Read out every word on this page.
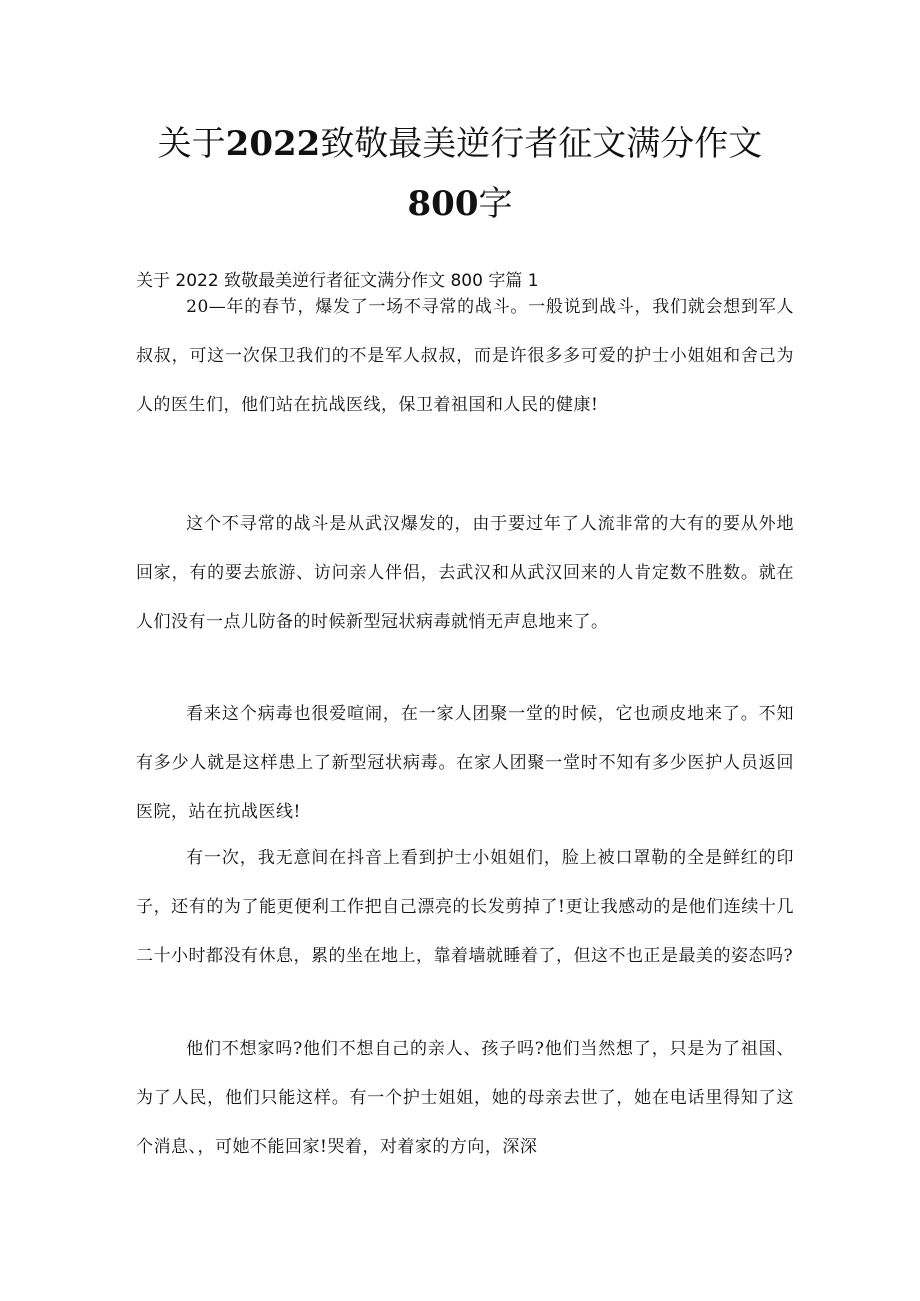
关于2022致敬最美逆行者征文满分作文
800字

关于 2022 致敬最美逆行者征文满分作文 800 字篇 1

20—年的春节，爆发了一场不寻常的战斗。一般说到战斗，我们就会想到军人叔叔，可这一次保卫我们的不是军人叔叔，而是许很多多可爱的护士小姐姐和舍己为人的医生们，他们站在抗战医线，保卫着祖国和人民的健康!

这个不寻常的战斗是从武汉爆发的，由于要过年了人流非常的大有的要从外地回家，有的要去旅游、访问亲人伴侣，去武汉和从武汉回来的人肯定数不胜数。就在人们没有一点儿防备的时候新型冠状病毒就悄无声息地来了。

看来这个病毒也很爱喧闹，在一家人团聚一堂的时候，它也顽皮地来了。不知有多少人就是这样患上了新型冠状病毒。在家人团聚一堂时不知有多少医护人员返回医院，站在抗战医线!

有一次，我无意间在抖音上看到护士小姐姐们，脸上被口罩勒的全是鲜红的印子，还有的为了能更便利工作把自己漂亮的长发剪掉了!更让我感动的是他们连续十几二十小时都没有休息，累的坐在地上，靠着墙就睡着了，但这不也正是最美的姿态吗?

他们不想家吗?他们不想自己的亲人、孩子吗?他们当然想了，只是为了祖国、为了人民，他们只能这样。有一个护士姐姐，她的母亲去世了，她在电话里得知了这个消息、，可她不能回家!哭着，对着家的方向，深深
